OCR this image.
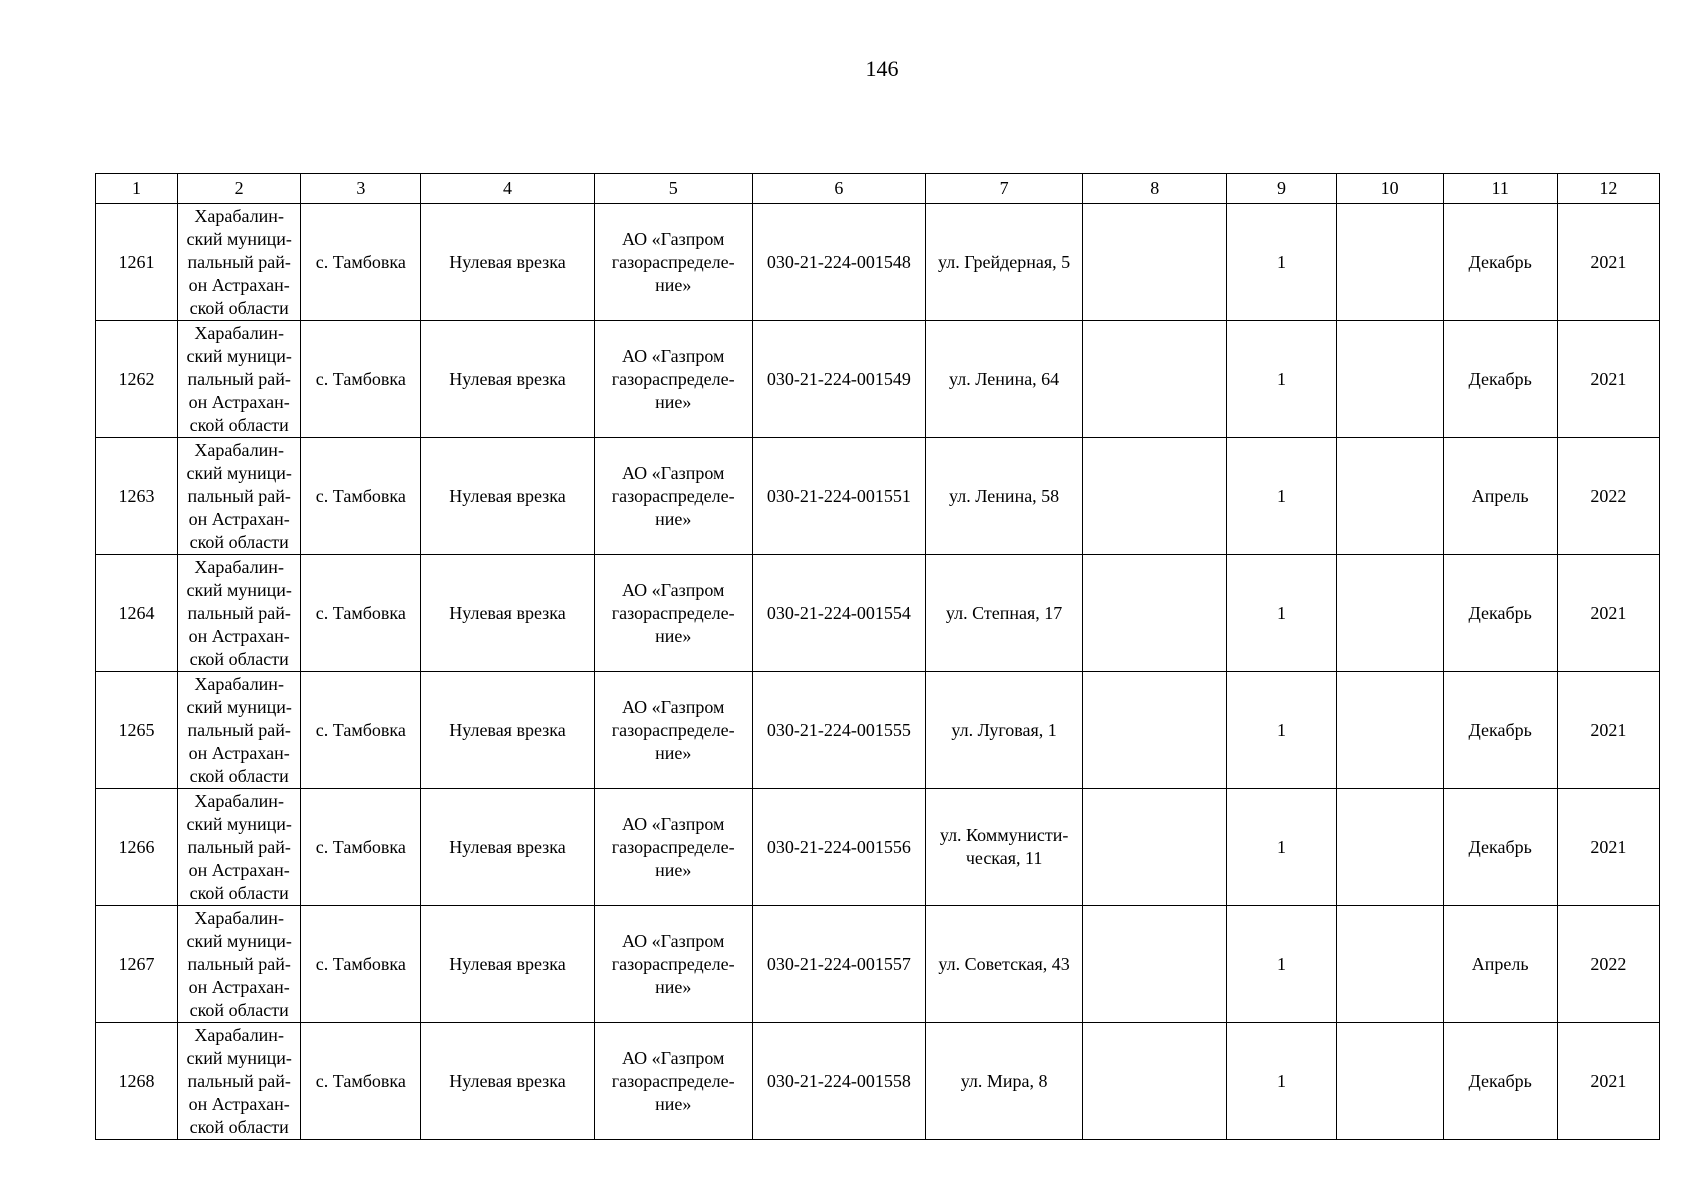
146
1	2	3	4	5	6	7	8	9	10	11	12
1261	Харабалин-
ский муници-
пальный рай-
он Астрахан-
ской области	с. Тамбовка	Нулевая врезка	АО «Газпром
газораспределе-
ние»	030-21-224-001548	ул. Грейдерная, 5		1		Декабрь	2021
1262	Харабалин-
ский муници-
пальный рай-
он Астрахан-
ской области	с. Тамбовка	Нулевая врезка	АО «Газпром
газораспределе-
ние»	030-21-224-001549	ул. Ленина, 64		1		Декабрь	2021
1263	Харабалин-
ский муници-
пальный рай-
он Астрахан-
ской области	с. Тамбовка	Нулевая врезка	АО «Газпром
газораспределе-
ние»	030-21-224-001551	ул. Ленина, 58		1		Апрель	2022
1264	Харабалин-
ский муници-
пальный рай-
он Астрахан-
ской области	с. Тамбовка	Нулевая врезка	АО «Газпром
газораспределе-
ние»	030-21-224-001554	ул. Степная, 17		1		Декабрь	2021
1265	Харабалин-
ский муници-
пальный рай-
он Астрахан-
ской области	с. Тамбовка	Нулевая врезка	АО «Газпром
газораспределе-
ние»	030-21-224-001555	ул. Луговая, 1		1		Декабрь	2021
1266	Харабалин-
ский муници-
пальный рай-
он Астрахан-
ской области	с. Тамбовка	Нулевая врезка	АО «Газпром
газораспределе-
ние»	030-21-224-001556	ул. Коммунисти-
ческая, 11		1		Декабрь	2021
1267	Харабалин-
ский муници-
пальный рай-
он Астрахан-
ской области	с. Тамбовка	Нулевая врезка	АО «Газпром
газораспределе-
ние»	030-21-224-001557	ул. Советская, 43		1		Апрель	2022
1268	Харабалин-
ский муници-
пальный рай-
он Астрахан-
ской области	с. Тамбовка	Нулевая врезка	АО «Газпром
газораспределе-
ние»	030-21-224-001558	ул. Мира, 8		1		Декабрь	2021
